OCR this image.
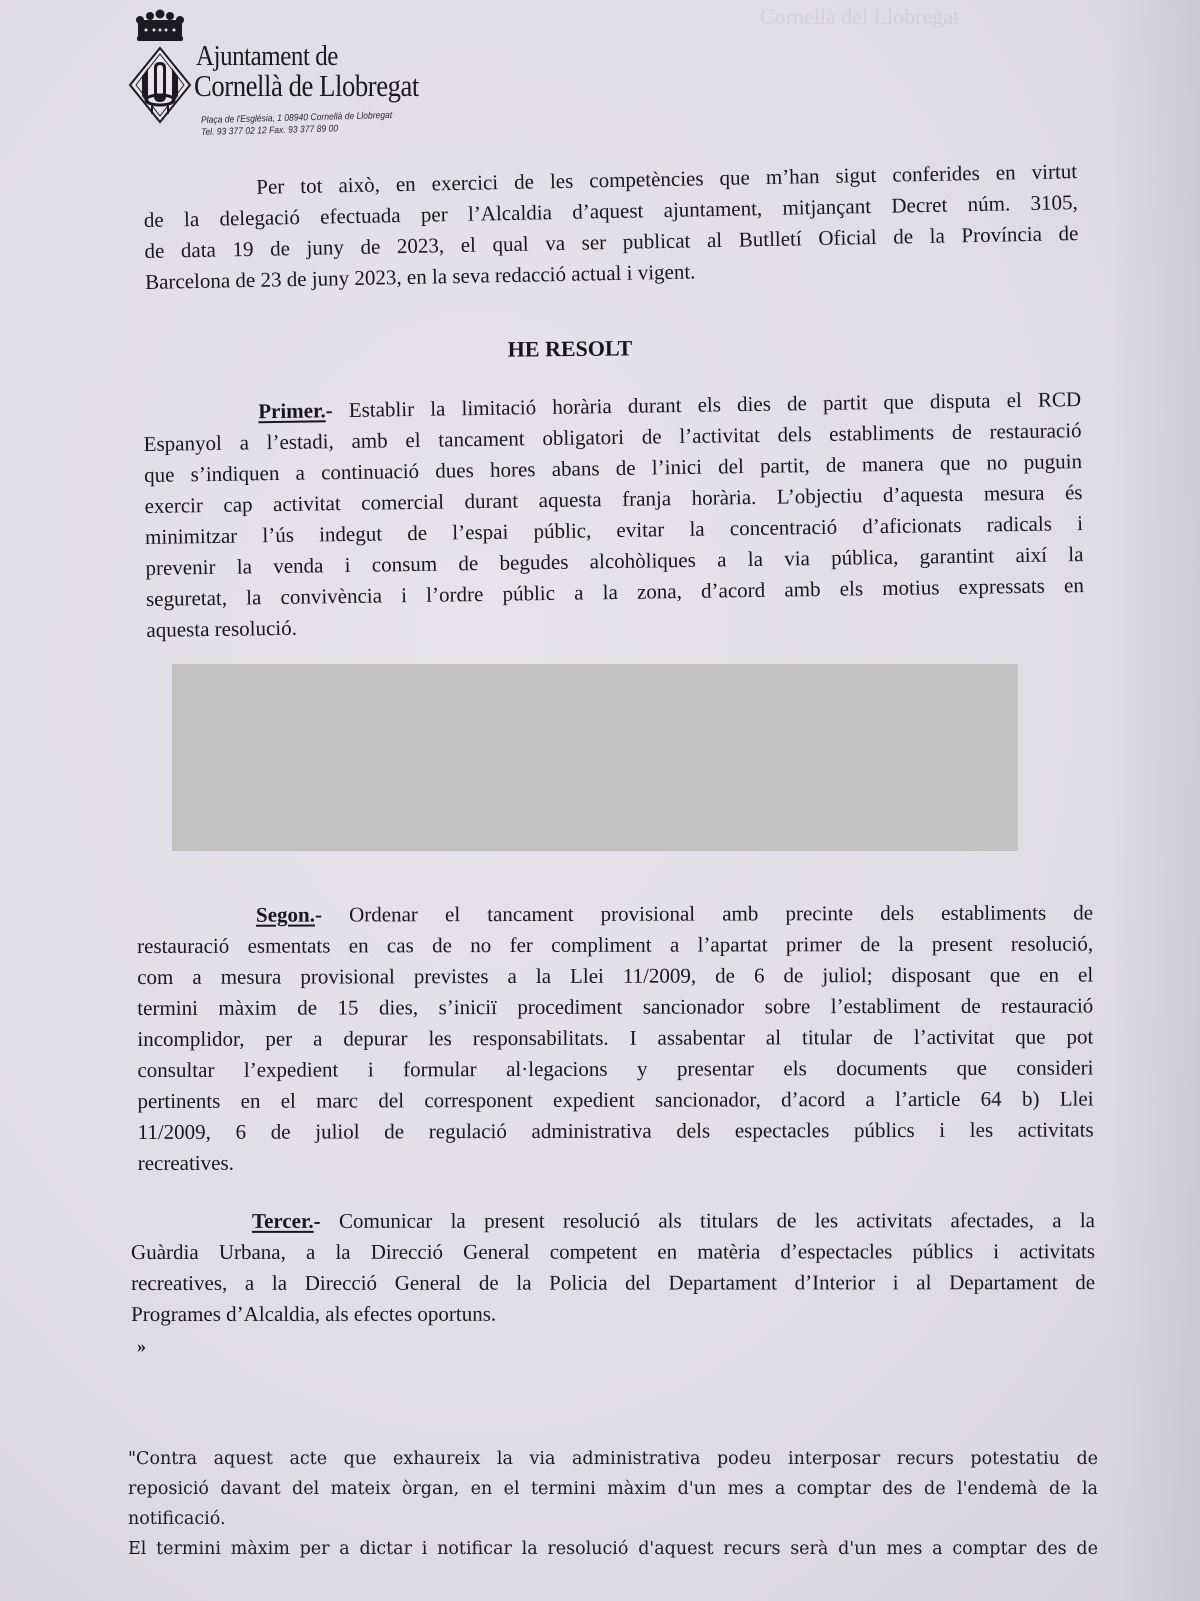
Cornellà del Llobregat
Ajuntament de
Cornellà de Llobregat
Plaça de l'Església, 1 08940 Cornellà de Llobregat
Tel. 93 377 02 12 Fax. 93 377 89 00
Per tot això, en exercici de les competències que m’han sigut conferides en virtut
de la delegació efectuada per l’Alcaldia d’aquest ajuntament, mitjançant Decret núm. 3105,
de data 19 de juny de 2023, el qual va ser publicat al Butlletí Oficial de la Província de
Barcelona de 23 de juny 2023, en la seva redacció actual i vigent.
HE RESOLT
Primer.- Establir la limitació horària durant els dies de partit que disputa el RCD
Espanyol a l’estadi, amb el tancament obligatori de l’activitat dels establiments de restauració
que s’indiquen a continuació dues hores abans de l’inici del partit, de manera que no puguin
exercir cap activitat comercial durant aquesta franja horària. L’objectiu d’aquesta mesura és
minimitzar l’ús indegut de l’espai públic, evitar la concentració d’aficionats radicals i
prevenir la venda i consum de begudes alcohòliques a la via pública, garantint així la
seguretat, la convivència i l’ordre públic a la zona, d’acord amb els motius expressats en
aquesta resolució.
Segon.- Ordenar el tancament provisional amb precinte dels establiments de
restauració esmentats en cas de no fer compliment a l’apartat primer de la present resolució,
com a mesura provisional previstes a la Llei 11/2009, de 6 de juliol; disposant que en el
termini màxim de 15 dies, s’iniciï procediment sancionador sobre l’establiment de restauració
incomplidor, per a depurar les responsabilitats. I assabentar al titular de l’activitat que pot
consultar l’expedient i formular al·legacions y presentar els documents que consideri
pertinents en el marc del corresponent expedient sancionador, d’acord a l’article 64 b) Llei
11/2009, 6 de juliol de regulació administrativa dels espectacles públics i les activitats
recreatives.
Tercer.- Comunicar la present resolució als titulars de les activitats afectades, a la
Guàrdia Urbana, a la Direcció General competent en matèria d’espectacles públics i activitats
recreatives, a la Direcció General de la Policia del Departament d’Interior i al Departament de
Programes d’Alcaldia, als efectes oportuns.
»
"Contra aquest acte que exhaureix la via administrativa podeu interposar recurs potestatiu de
reposició davant del mateix òrgan, en el termini màxim d'un mes a comptar des de l'endemà de la
notificació.
El termini màxim per a dictar i notificar la resolució d'aquest recurs serà d'un mes a comptar des de
